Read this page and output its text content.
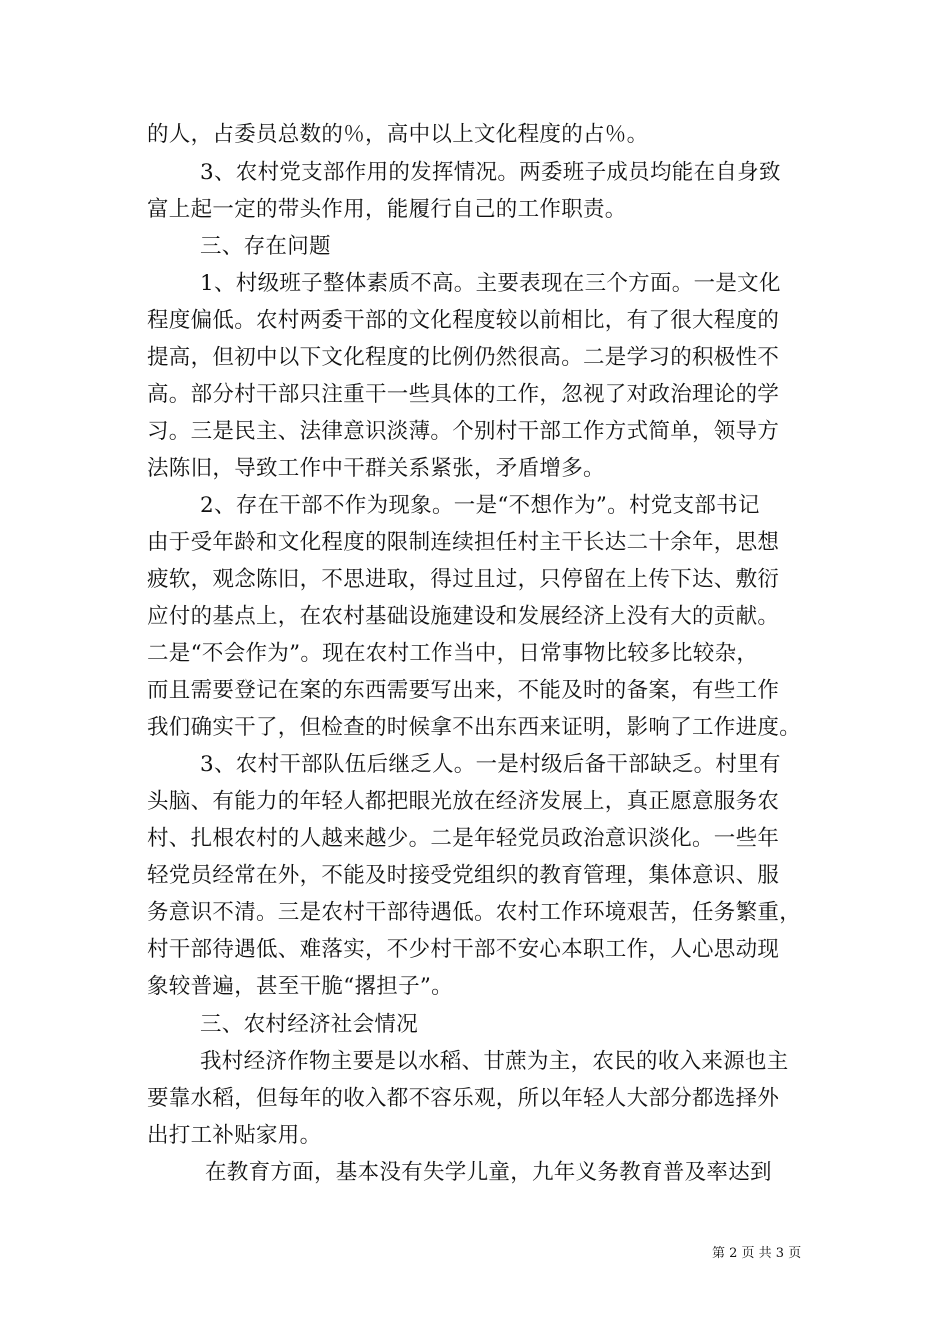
的人，占委员总数的％，高中以上文化程度的占％。
3、农村党支部作用的发挥情况。两委班子成员均能在自身致
富上起一定的带头作用，能履行自己的工作职责。
三、存在问题
1、村级班子整体素质不高。主要表现在三个方面。一是文化
程度偏低。农村两委干部的文化程度较以前相比，有了很大程度的
提高，但初中以下文化程度的比例仍然很高。二是学习的积极性不
高。部分村干部只注重干一些具体的工作，忽视了对政治理论的学
习。三是民主、法律意识淡薄。个别村干部工作方式简单，领导方
法陈旧，导致工作中干群关系紧张，矛盾增多。
2、存在干部不作为现象。一是“不想作为”。村党支部书记
由于受年龄和文化程度的限制连续担任村主干长达二十余年，思想
疲软，观念陈旧，不思进取，得过且过，只停留在上传下达、敷衍
应付的基点上，在农村基础设施建设和发展经济上没有大的贡献。
二是“不会作为”。现在农村工作当中，日常事物比较多比较杂，
而且需要登记在案的东西需要写出来，不能及时的备案，有些工作
我们确实干了，但检查的时候拿不出东西来证明，影响了工作进度。
3、农村干部队伍后继乏人。一是村级后备干部缺乏。村里有
头脑、有能力的年轻人都把眼光放在经济发展上，真正愿意服务农
村、扎根农村的人越来越少。二是年轻党员政治意识淡化。一些年
轻党员经常在外，不能及时接受党组织的教育管理，集体意识、服
务意识不清。三是农村干部待遇低。农村工作环境艰苦，任务繁重，
村干部待遇低、难落实，不少村干部不安心本职工作，人心思动现
象较普遍，甚至干脆“撂担子”。
三、农村经济社会情况
我村经济作物主要是以水稻、甘蔗为主，农民的收入来源也主
要靠水稻，但每年的收入都不容乐观，所以年轻人大部分都选择外
出打工补贴家用。
在教育方面，基本没有失学儿童，九年义务教育普及率达到
第 2 页 共 3 页
